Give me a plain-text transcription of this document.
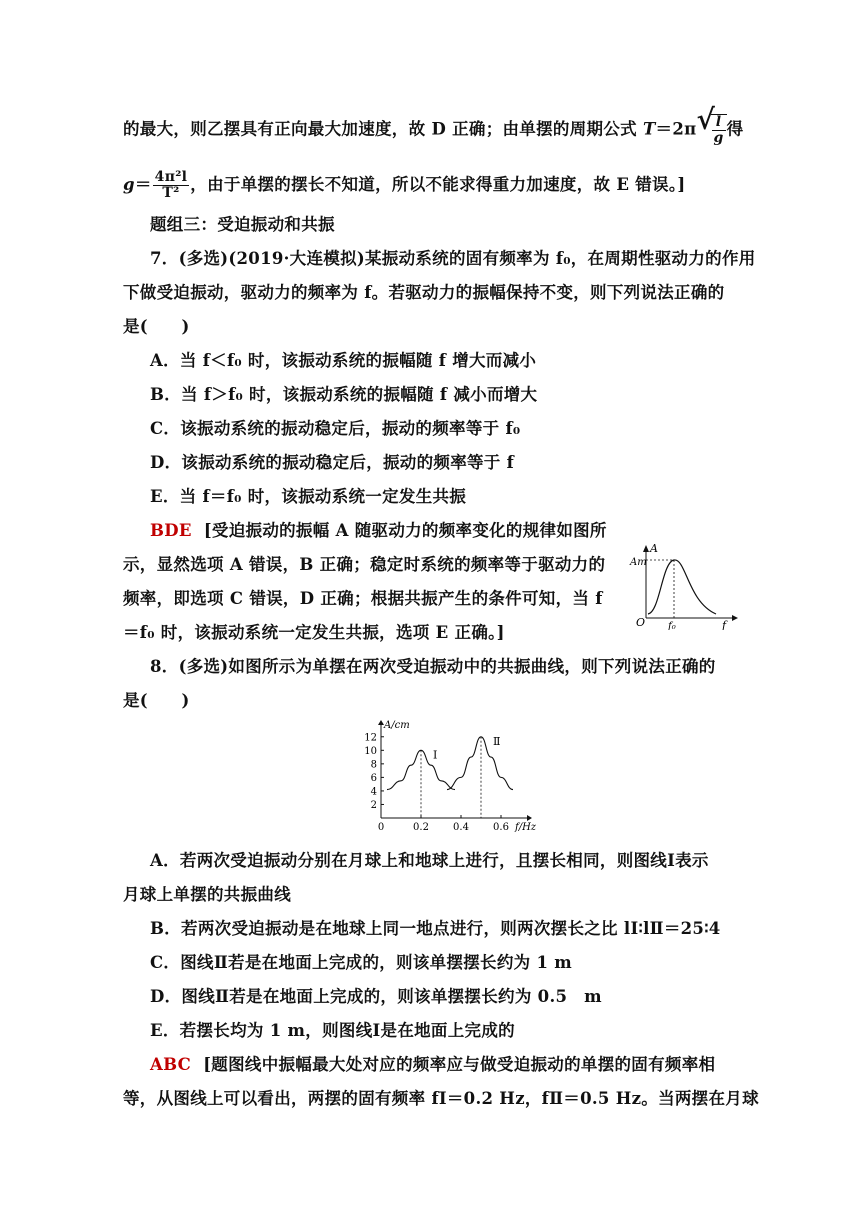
的最大，则乙摆具有正向最大加速度，故 D 正确；由单摆的周期公式 T＝2π √
$\frac{l}{g}$ 得
$g= \frac{\text{4π²l}}{\text{T²}}$ ，由于单摆的摆长不知道，所以不能求得重力加速度，故 E 错误。]
题组三：受迫振动和共振
7．(多选)(2019·大连模拟)某振动系统的固有频率为 f₀，在周期性驱动力的作用
下做受迫振动，驱动力的频率为 f。若驱动力的振幅保持不变，则下列说法正确的
是(　　)
A．当 f＜f₀ 时，该振动系统的振幅随 f 增大而减小
B．当 f＞f₀ 时，该振动系统的振幅随 f 减小而增大
C．该振动系统的振动稳定后，振动的频率等于 f₀
D．该振动系统的振动稳定后，振动的频率等于 f
E．当 f＝f₀ 时，该振动系统一定发生共振
BDE [受迫振动的振幅 A 随驱动力的频率变化的规律如图所
示，显然选项 A 错误，B 正确；稳定时系统的频率等于驱动力的
频率，即选项 C 错误，D 正确；根据共振产生的条件可知，当 f
＝f₀ 时，该振动系统一定发生共振，选项 E 正确。]
Am
A
O f₀	f
8．(多选)如图所示为单摆在两次受迫振动中的共振曲线，则下列说法正确的
是(　　)
2
4
6
8
10
12
0	0.2 0.4 0.6
A/cm
f/Hz
Ⅰ
Ⅱ
A．若两次受迫振动分别在月球上和地球上进行，且摆长相同，则图线Ⅰ表示
月球上单摆的共振曲线
B．若两次受迫振动是在地球上同一地点进行，则两次摆长之比 lⅠ∶lⅡ＝25∶4
C．图线Ⅱ若是在地面上完成的，则该单摆摆长约为 1 m
D．图线Ⅱ若是在地面上完成的，则该单摆摆长约为 0.5　m
E．若摆长均为 1 m，则图线Ⅰ是在地面上完成的
ABC [题图线中振幅最大处对应的频率应与做受迫振动的单摆的固有频率相
等，从图线上可以看出，两摆的固有频率 fⅠ＝0.2 Hz，fⅡ＝0.5 Hz。当两摆在月球
